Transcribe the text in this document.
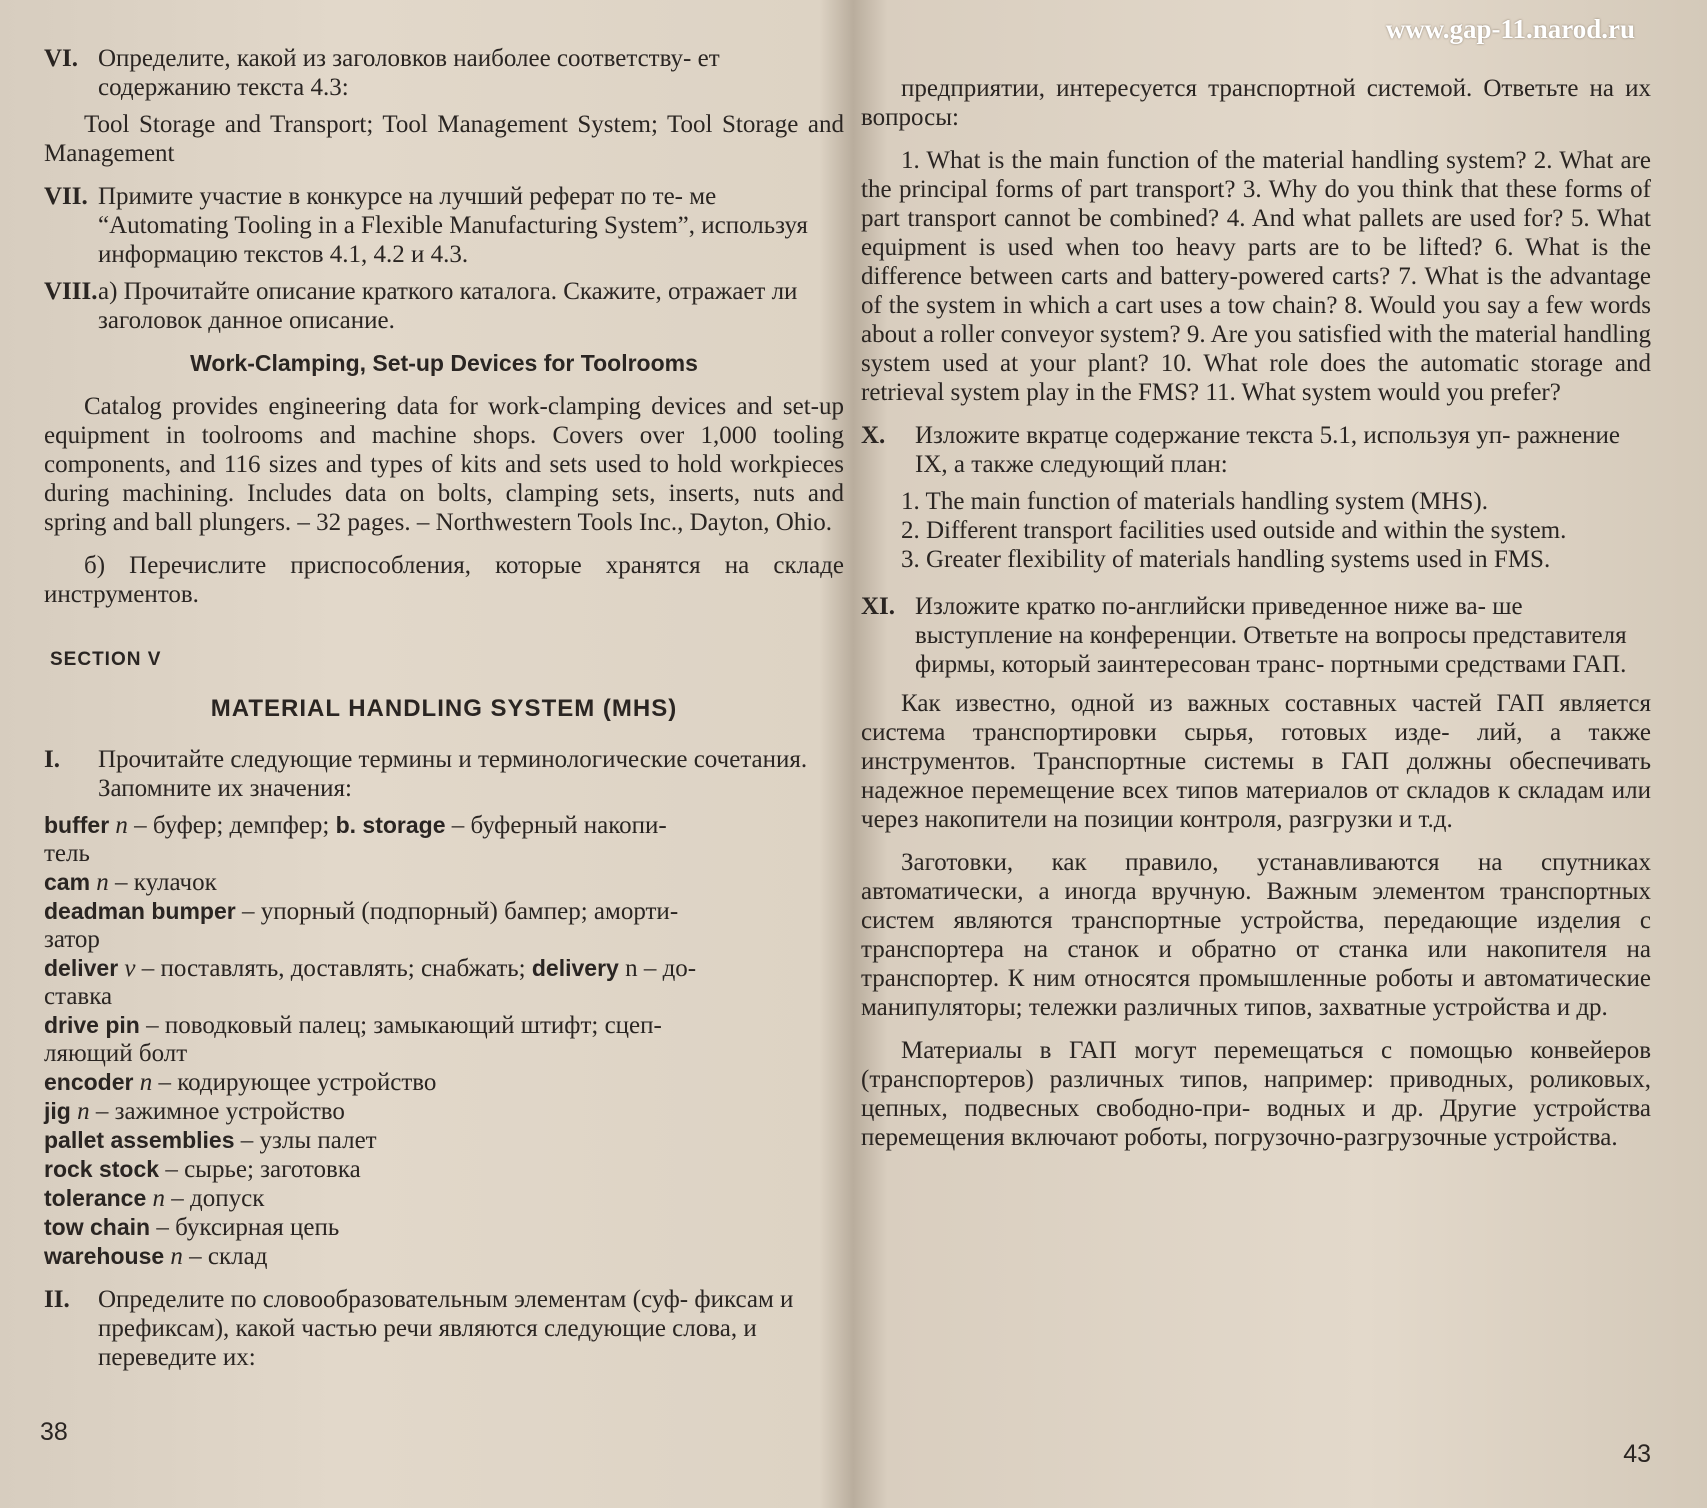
www.gap-11.narod.ru
VI. Определите, какой из заголовков наиболее соответству- ет содержанию текста 4.3:

Tool Storage and Transport; Tool Management System; Tool Storage and Management

VII. Примите участие в конкурсе на лучший реферат по те- ме “Automating Tooling in a Flexible Manufacturing System”, используя информацию текстов 4.1, 4.2 и 4.3.
VIII. а) Прочитайте описание краткого каталога. Скажите, отражает ли заголовок данное описание.
Work-Clamping, Set-up Devices for Toolrooms

Catalog provides engineering data for work-clamping devices and set-up equipment in toolrooms and machine shops. Covers over 1,000 tooling components, and 116 sizes and types of kits and sets used to hold workpieces during machining. Includes data on bolts, clamping sets, inserts, nuts and spring and ball plungers. – 32 pages. – Northwestern Tools Inc., Dayton, Ohio.

б) Перечислите приспособления, которые хранятся на складе инструментов.

SECTION V
MATERIAL HANDLING SYSTEM (MHS)
I.	Прочитайте следующие термины и терминологические сочетания. Запомните их значения:
buffer n – буфер; демпфер; b. storage – буферный накопи-
тель
cam n – кулачок
deadman bumper – упорный (подпорный) бампер; аморти-
затор
deliver v – поставлять, доставлять; снабжать; delivery n – до-
ставка
drive pin – поводковый палец; замыкающий штифт; сцеп-
ляющий болт
encoder n – кодирующее устройство
jig n – зажимное устройство
pallet assemblies – узлы палет
rock stock – сырье; заготовка
tolerance n – допуск
tow chain – буксирная цепь
warehouse n – склад
II.	Определите по словообразовательным элементам (суф- фиксам и префиксам), какой частью речи являются следующие слова, и переведите их:
38

предприятии, интересуется транспортной системой. Ответьте на их вопросы:

1. What is the main function of the material handling system? 2. What are the principal forms of part transport? 3. Why do you think that these forms of part transport cannot be combined? 4. And what pallets are used for? 5. What equipment is used when too heavy parts are to be lifted? 6. What is the difference between carts and battery-powered carts? 7. What is the advantage of the system in which a cart uses a tow chain? 8. Would you say a few words about a roller conveyor system? 9. Are you satisfied with the material handling system used at your plant? 10. What role does the automatic storage and retrieval system play in the FMS? 11. What system would you prefer?

X.	Изложите вкратце содержание текста 5.1, используя уп- ражнение IX, а также следующий план:

1. The main function of materials handling system (MHS).

2. Different transport facilities used outside and within the system.

3. Greater flexibility of materials handling systems used in FMS.

XI. Изложите кратко по-английски приведенное ниже ва- ше выступление на конференции. Ответьте на вопросы представителя фирмы, который заинтересован транс- портными средствами ГАП.

Как известно, одной из важных составных частей ГАП является система транспортировки сырья, готовых изде- лий, а также инструментов. Транспортные системы в ГАП должны обеспечивать надежное перемещение всех типов материалов от складов к складам или через накопители на позиции контроля, разгрузки и т.д.

Заготовки, как правило, устанавливаются на спутниках автоматически, а иногда вручную. Важным элементом транспортных систем являются транспортные устройства, передающие изделия с транспортера на станок и обратно от станка или накопителя на транспортер. К ним относятся промышленные роботы и автоматические манипуляторы; тележки различных типов, захватные устройства и др.

Материалы в ГАП могут перемещаться с помощью конвейеров (транспортеров) различных типов, например: приводных, роликовых, цепных, подвесных свободно-при- водных и др. Другие устройства перемещения включают роботы, погрузочно-разгрузочные устройства.

43
